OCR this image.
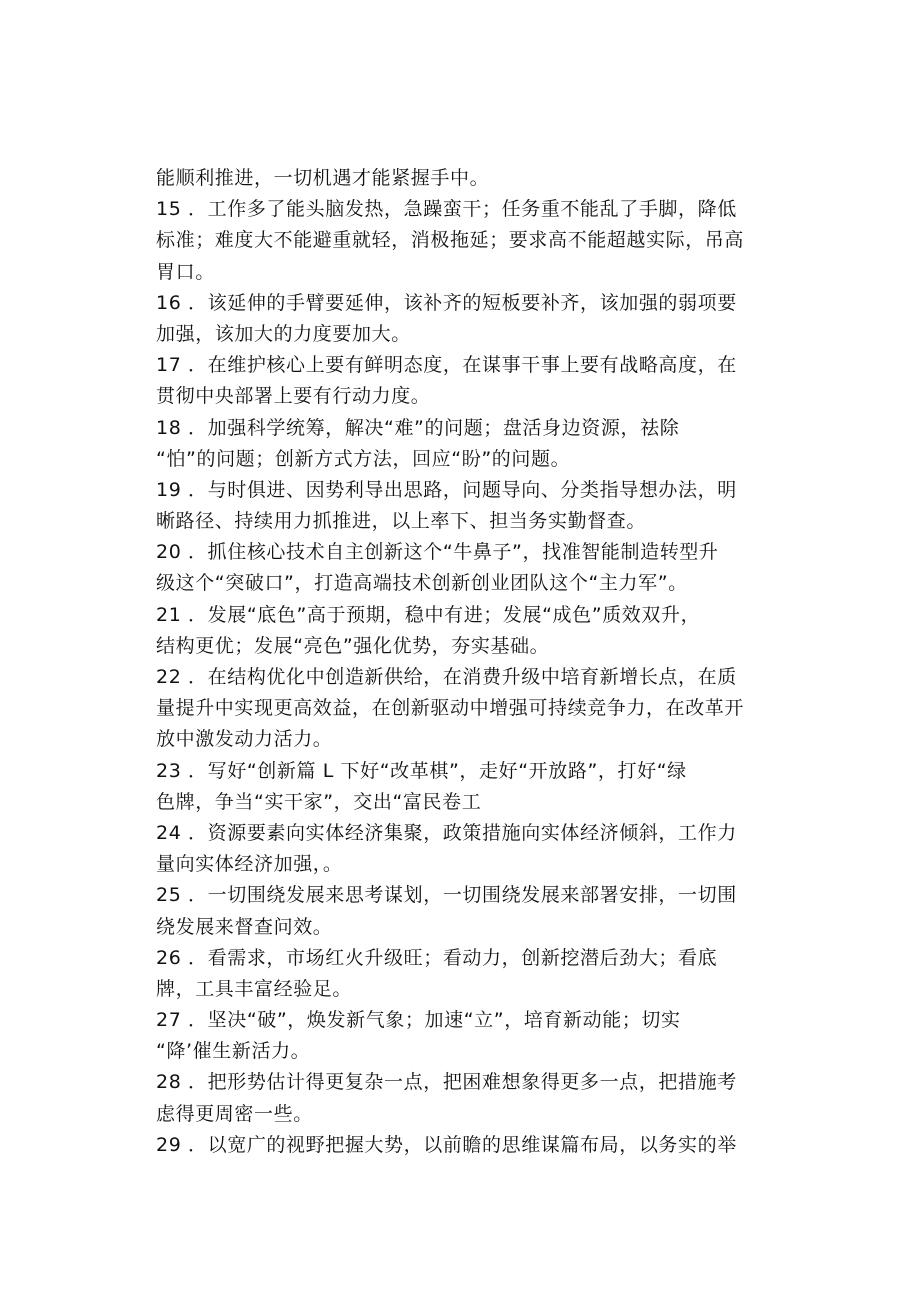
能顺利推进，一切机遇才能紧握手中。
15 ．工作多了能头脑发热，急躁蛮干；任务重不能乱了手脚，降低
标准；难度大不能避重就轻，消极拖延；要求高不能超越实际，吊高
胃口。
16 ．该延伸的手臂要延伸，该补齐的短板要补齐，该加强的弱项要
加强，该加大的力度要加大。
17 ．在维护核心上要有鲜明态度，在谋事干事上要有战略高度，在
贯彻中央部署上要有行动力度。
18 ．加强科学统筹，解决“难”的问题；盘活身边资源，祛除
“怕”的问题；创新方式方法，回应“盼”的问题。
19 ．与时俱进、因势利导出思路，问题导向、分类指导想办法，明
晰路径、持续用力抓推进，以上率下、担当务实勤督查。
20 ．抓住核心技术自主创新这个“牛鼻子”，找准智能制造转型升
级这个“突破口”，打造高端技术创新创业团队这个“主力军”。
21 ．发展“底色”高于预期，稳中有进；发展“成色”质效双升，
结构更优；发展“亮色”强化优势，夯实基础。
22 ．在结构优化中创造新供给，在消费升级中培育新增长点，在质
量提升中实现更高效益，在创新驱动中增强可持续竞争力，在改革开
放中激发动力活力。
23 ．写好“创新篇 L 下好“改革棋”，走好“开放路”，打好“绿
色牌，争当“实干家”，交出“富民卷工
24 ．资源要素向实体经济集聚，政策措施向实体经济倾斜，工作力
量向实体经济加强，。
25 ．一切围绕发展来思考谋划，一切围绕发展来部署安排，一切围
绕发展来督查问效。
26 ．看需求，市场红火升级旺；看动力，创新挖潜后劲大；看底
牌，工具丰富经验足。
27 ．坚决“破”，焕发新气象；加速“立”，培育新动能；切实
“降’催生新活力。
28 ．把形势估计得更复杂一点，把困难想象得更多一点，把措施考
虑得更周密一些。
29 ．以宽广的视野把握大势，以前瞻的思维谋篇布局，以务实的举
